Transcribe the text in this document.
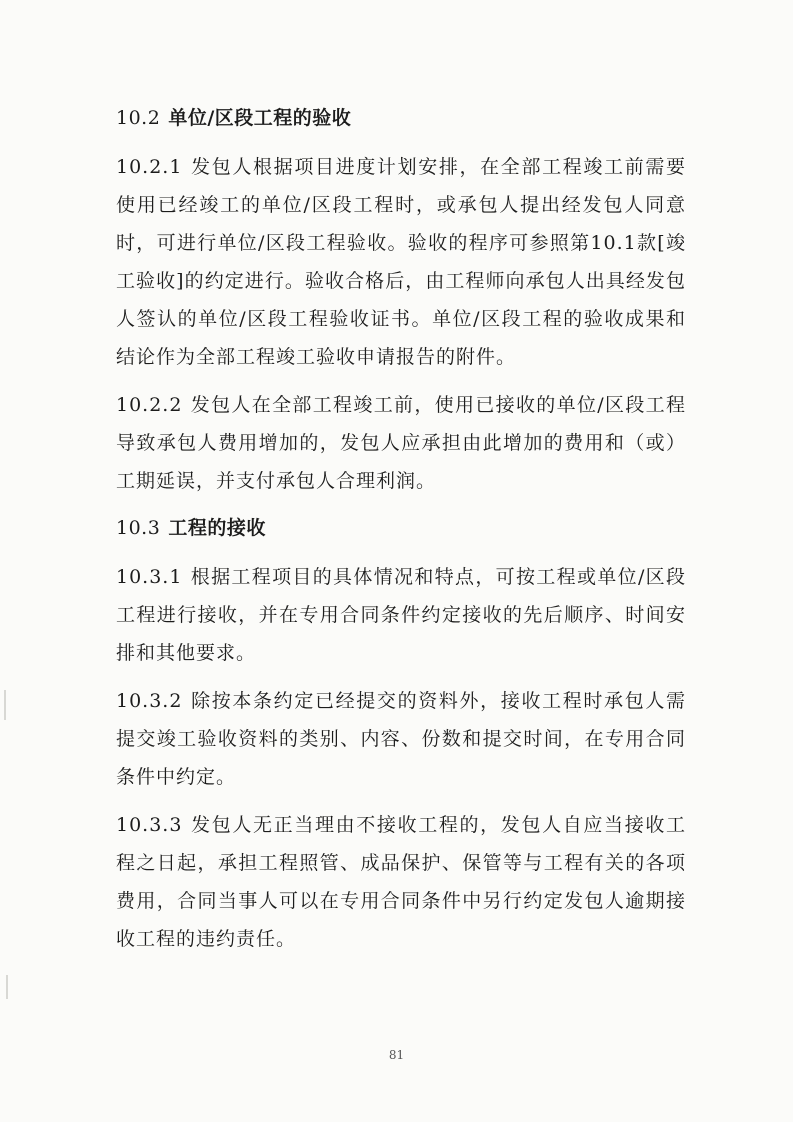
10.2 单位/区段工程的验收

10.2.1 发包人根据项目进度计划安排，在全部工程竣工前需要使用已经竣工的单位/区段工程时，或承包人提出经发包人同意时，可进行单位/区段工程验收。验收的程序可参照第10.1款[竣工验收]的约定进行。验收合格后，由工程师向承包人出具经发包人签认的单位/区段工程验收证书。单位/区段工程的验收成果和结论作为全部工程竣工验收申请报告的附件。

10.2.2 发包人在全部工程竣工前，使用已接收的单位/区段工程导致承包人费用增加的，发包人应承担由此增加的费用和（或）工期延误，并支付承包人合理利润。

10.3 工程的接收

10.3.1 根据工程项目的具体情况和特点，可按工程或单位/区段工程进行接收，并在专用合同条件约定接收的先后顺序、时间安排和其他要求。

10.3.2 除按本条约定已经提交的资料外，接收工程时承包人需提交竣工验收资料的类别、内容、份数和提交时间，在专用合同条件中约定。

10.3.3 发包人无正当理由不接收工程的，发包人自应当接收工程之日起，承担工程照管、成品保护、保管等与工程有关的各项费用，合同当事人可以在专用合同条件中另行约定发包人逾期接收工程的违约责任。

81
